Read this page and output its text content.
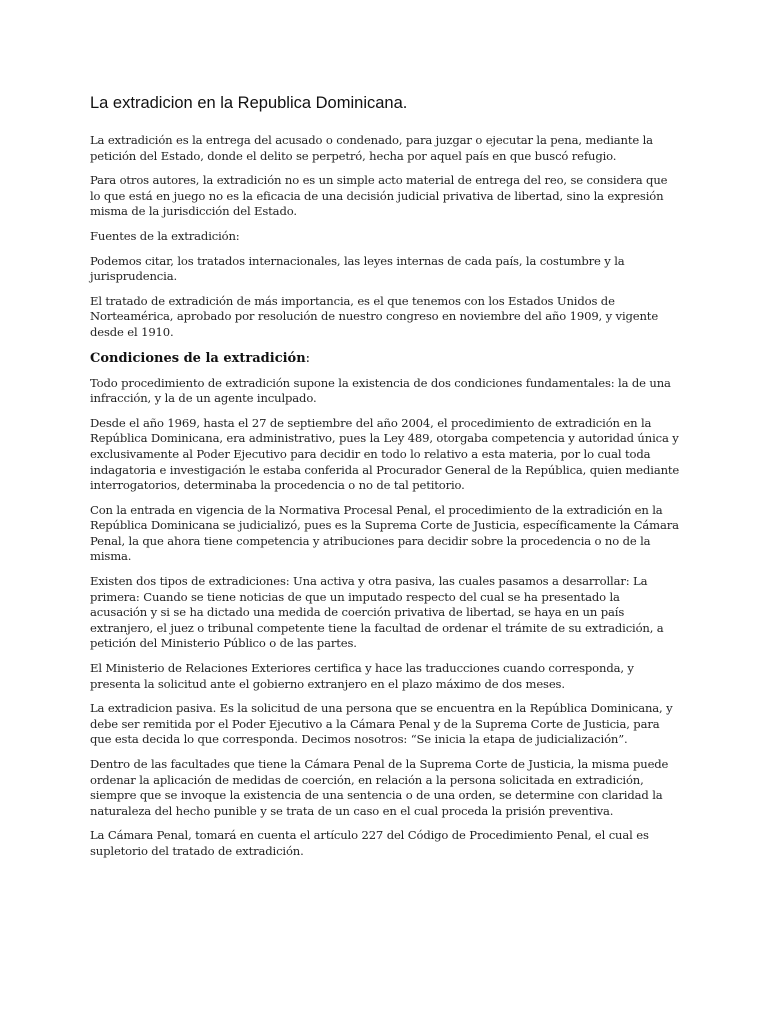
La extradicion en la Republica Dominicana.

La extradición es la entrega del acusado o condenado, para juzgar o ejecutar la pena, mediante la petición del Estado, donde el delito se perpetró, hecha por aquel país en que buscó refugio.

Para otros autores, la extradición no es un simple acto material de entrega del reo, se considera que lo que está en juego no es la eficacia de una decisión judicial privativa de libertad, sino la expresión misma de la jurisdicción del Estado.

Fuentes de la extradición:

Podemos citar, los tratados internacionales, las leyes internas de cada país, la costumbre y la jurisprudencia.

El tratado de extradición de más importancia, es el que tenemos con los Estados Unidos de Norteamérica, aprobado por resolución de nuestro congreso en noviembre del año 1909, y vigente desde el 1910.

Condiciones de la extradición:

Todo procedimiento de extradición supone la existencia de dos condiciones fundamentales: la de una infracción, y la de un agente inculpado.

Desde el año 1969, hasta el 27 de septiembre del año 2004, el procedimiento de extradición en la República Dominicana, era administrativo, pues la Ley 489, otorgaba competencia y autoridad única y exclusivamente al Poder Ejecutivo para decidir en todo lo relativo a esta materia, por lo cual toda indagatoria e investigación le estaba conferida al Procurador General de la República, quien mediante interrogatorios, determinaba la procedencia o no de tal petitorio.

Con la entrada en vigencia de la Normativa Procesal Penal, el procedimiento de la extradición en la República Dominicana se judicializó, pues es la Suprema Corte de Justicia, específicamente la Cámara Penal, la que ahora tiene competencia y atribuciones para decidir sobre la procedencia o no de la misma.

Existen dos tipos de extradiciones: Una activa y otra pasiva, las cuales pasamos a desarrollar: La primera: Cuando se tiene noticias de que un imputado respecto del cual se ha presentado la acusación y si se ha dictado una medida de coerción privativa de libertad, se haya en un país extranjero, el juez o tribunal competente tiene la facultad de ordenar el trámite de su extradición, a petición del Ministerio Público o de las partes.

El Ministerio de Relaciones Exteriores certifica y hace las traducciones cuando corresponda, y presenta la solicitud ante el gobierno extranjero en el plazo máximo de dos meses.

La extradicion pasiva. Es la solicitud de una persona que se encuentra en la República Dominicana, y debe ser remitida por el Poder Ejecutivo a la Cámara Penal y de la Suprema Corte de Justicia, para que esta decida lo que corresponda. Decimos nosotros: “Se inicia la etapa de judicialización”.

Dentro de las facultades que tiene la Cámara Penal de la Suprema Corte de Justicia, la misma puede ordenar la aplicación de medidas de coerción, en relación a la persona solicitada en extradición, siempre que se invoque la existencia de una sentencia o de una orden, se determine con claridad la naturaleza del hecho punible y se trata de un caso en el cual proceda la prisión preventiva.

La Cámara Penal, tomará en cuenta el artículo 227 del Código de Procedimiento Penal, el cual es supletorio del tratado de extradición.
